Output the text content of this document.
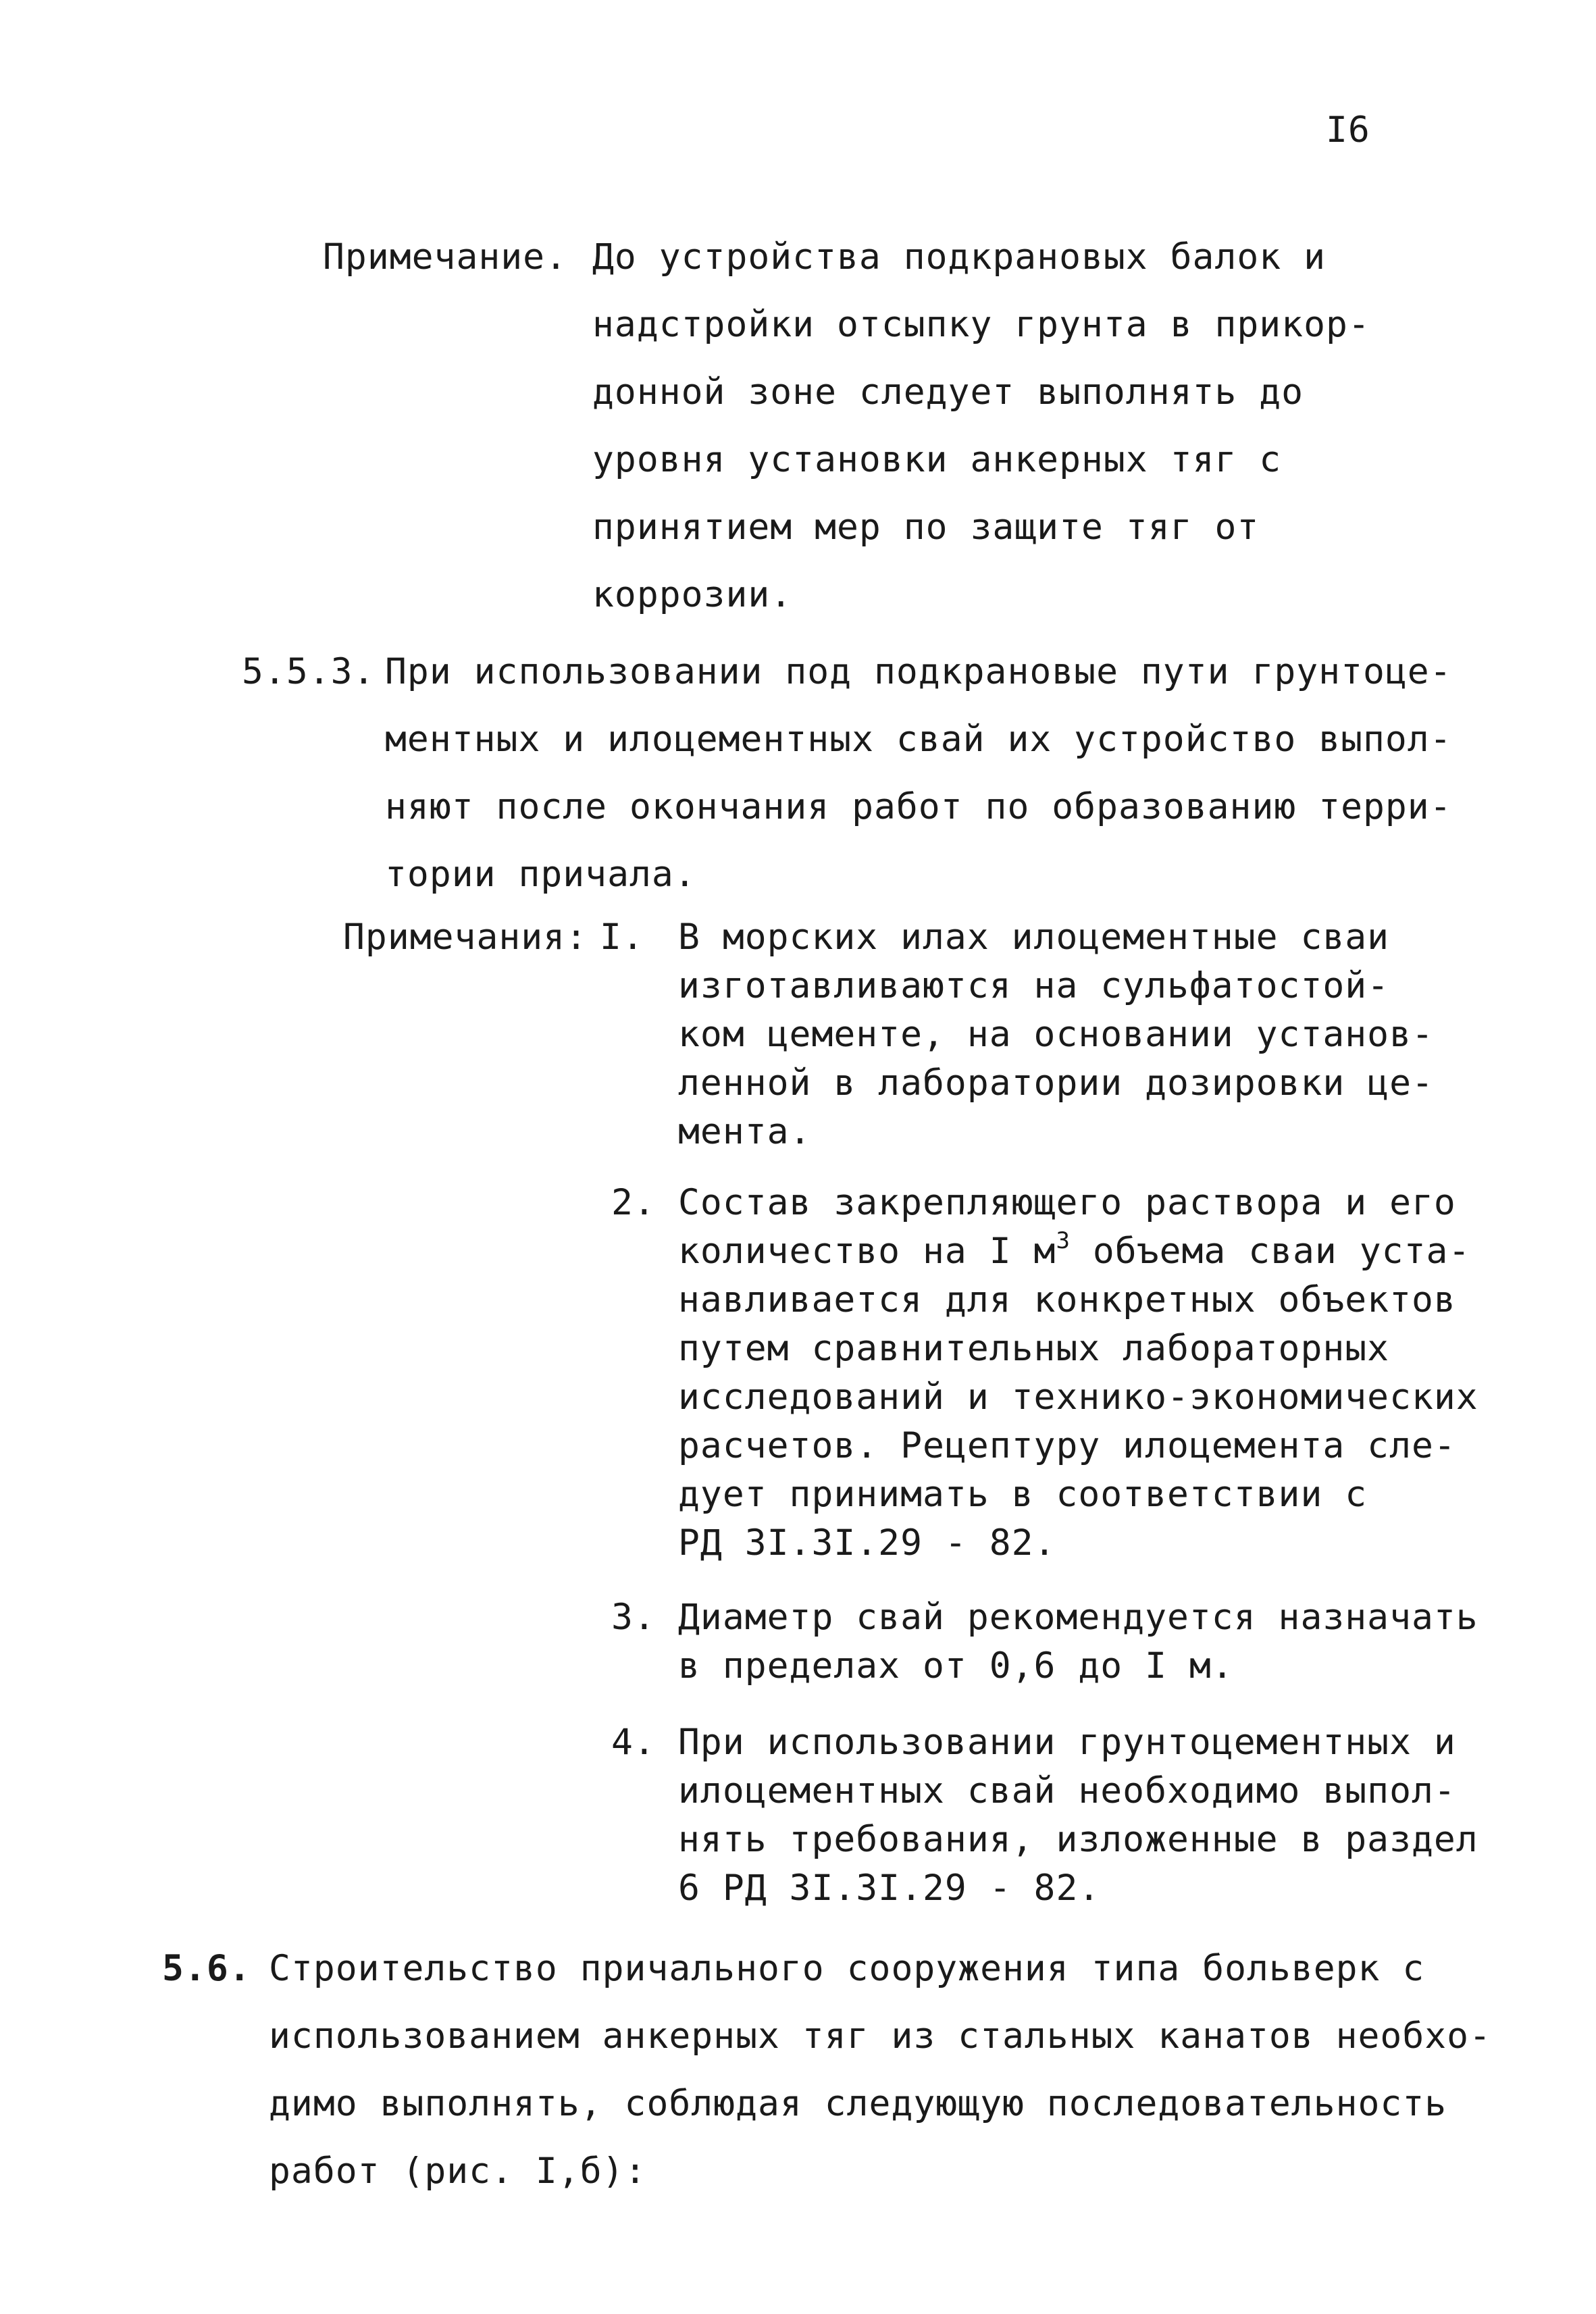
I6
Примечание. До устройства подкрановых балок и
надстройки отсыпку грунта в прикор-
донной зоне следует выполнять до
уровня установки анкерных тяг с
принятием мер по защите тяг от
коррозии.
5.5.3. При использовании под подкрановые пути грунтоце-
ментных и илоцементных свай их устройство выпол-
няют после окончания работ по образованию терри-
тории причала.
Примечания: I. В морских илах илоцементные сваи
изготавливаются на сульфатостой-
ком цементе, на основании установ-
ленной в лаборатории дозировки це-
мента.
2. Состав закрепляющего раствора и его
количество на I $м^3$ объема сваи уста-
навливается для конкретных объектов
путем сравнительных лабораторных
исследований и технико-экономических
расчетов. Рецептуру илоцемента сле-
дует принимать в соответствии с
РД 3I.3I.29 - 82.
3. Диаметр свай рекомендуется назначать
в пределах от 0,6 до I м.
4. При использовании грунтоцементных и
илоцементных свай необходимо выпол-
нять требования, изложенные в раздел
6 РД 3I.3I.29 - 82.
5.6. Строительство причального сооружения типа больверк с
использованием анкерных тяг из стальных канатов необхо-
димо выполнять, соблюдая следующую последовательность
работ (рис. I,б):
